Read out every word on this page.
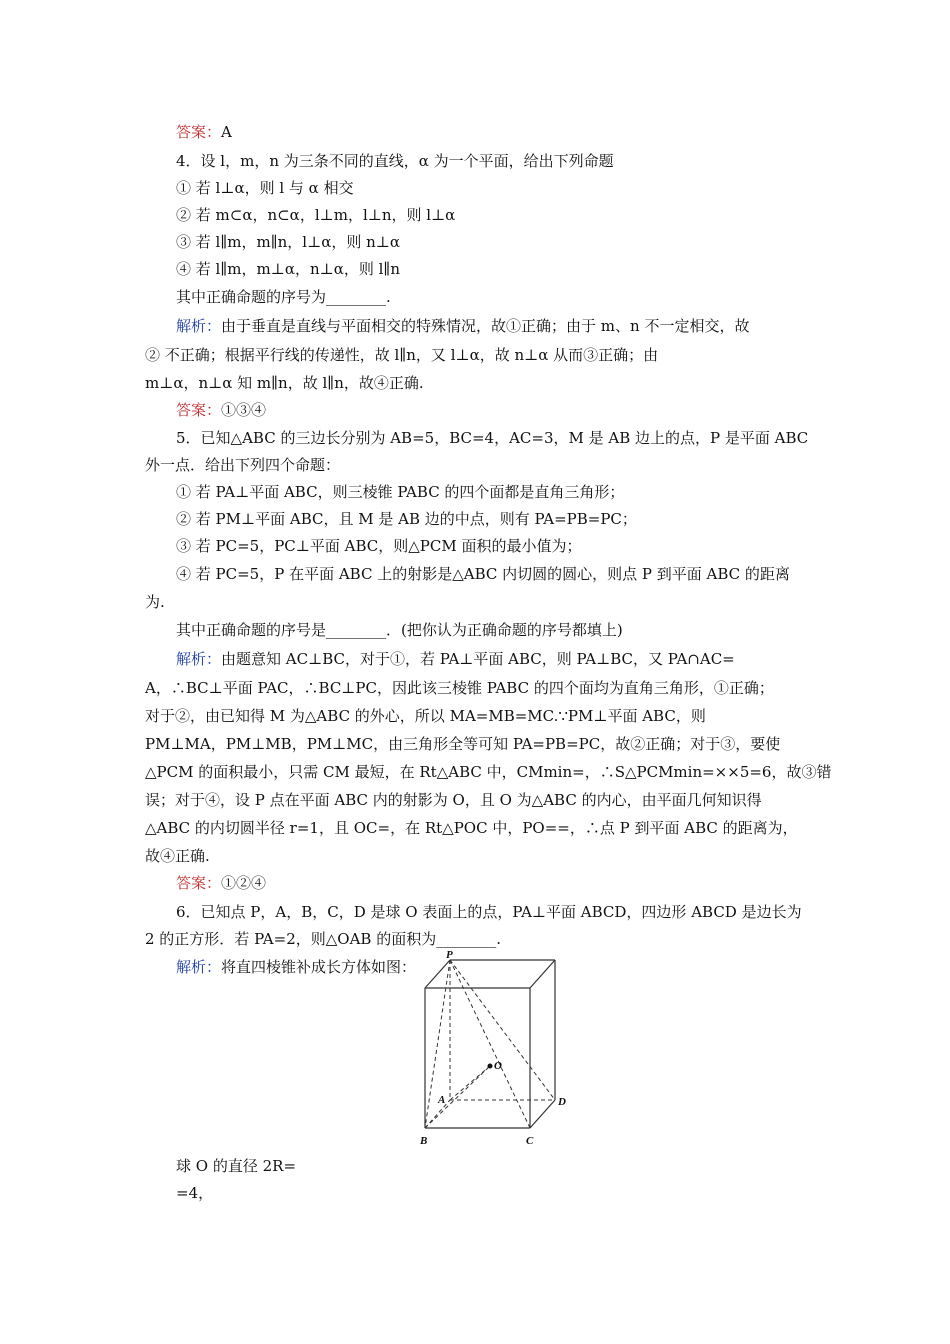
答案：A
4．设 l，m，n 为三条不同的直线，α 为一个平面，给出下列命题
① 若 l⊥α，则 l 与 α 相交
② 若 m⊂α，n⊂α，l⊥m，l⊥n，则 l⊥α
③ 若 l∥m，m∥n，l⊥α，则 n⊥α
④ 若 l∥m，m⊥α，n⊥α，则 l∥n
其中正确命题的序号为________.
解析：由于垂直是直线与平面相交的特殊情况，故①正确；由于 m、n 不一定相交，故
② 不正确；根据平行线的传递性，故 l∥n，又 l⊥α，故 n⊥α 从而③正确；由
m⊥α，n⊥α 知 m∥n，故 l∥n，故④正确.
答案：①③④
5．已知△ABC 的三边长分别为 AB=5，BC=4，AC=3，M 是 AB 边上的点，P 是平面 ABC
外一点．给出下列四个命题：
① 若 PA⊥平面 ABC，则三棱锥 PABC 的四个面都是直角三角形；
② 若 PM⊥平面 ABC，且 M 是 AB 边的中点，则有 PA=PB=PC；
③ 若 PC=5，PC⊥平面 ABC，则△PCM 面积的最小值为；
④ 若 PC=5，P 在平面 ABC 上的射影是△ABC 内切圆的圆心，则点 P 到平面 ABC 的距离
为.
其中正确命题的序号是________．(把你认为正确命题的序号都填上)
解析：由题意知 AC⊥BC，对于①，若 PA⊥平面 ABC，则 PA⊥BC，又 PA∩AC=
A，∴BC⊥平面 PAC，∴BC⊥PC，因此该三棱锥 PABC 的四个面均为直角三角形，①正确；
对于②，由已知得 M 为△ABC 的外心，所以 MA=MB=MC.∵PM⊥平面 ABC，则
PM⊥MA，PM⊥MB，PM⊥MC，由三角形全等可知 PA=PB=PC，故②正确；对于③，要使
△PCM 的面积最小，只需 CM 最短，在 Rt△ABC 中，CMmin=，∴S△PCMmin=××5=6，故③错
误；对于④，设 P 点在平面 ABC 内的射影为 O，且 O 为△ABC 的内心，由平面几何知识得
△ABC 的内切圆半径 r=1，且 OC=，在 Rt△POC 中，PO==，∴点 P 到平面 ABC 的距离为，
故④正确.
答案：①②④
6．已知点 P，A，B，C，D 是球 O 表面上的点，PA⊥平面 ABCD，四边形 ABCD 是边长为
2 的正方形．若 PA=2，则△OAB 的面积为________.
解析：将直四棱锥补成长方体如图：
P
O
A
B	C
D
球 O 的直径 2R=
=4，
